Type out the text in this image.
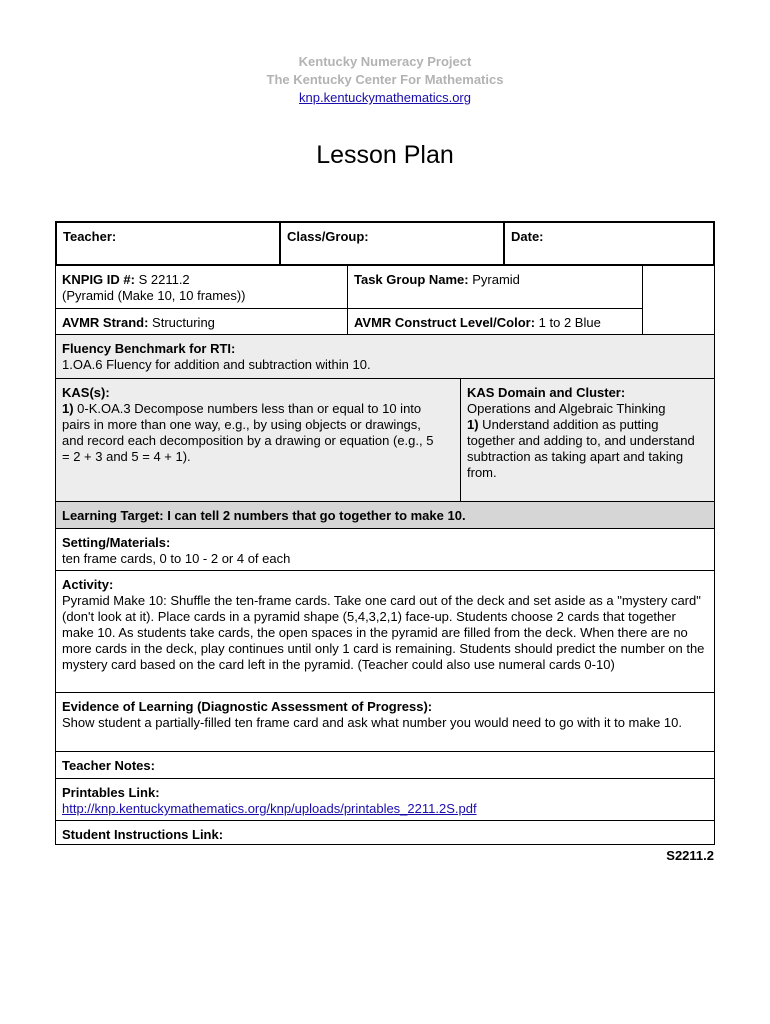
Kentucky Numeracy Project
The Kentucky Center For Mathematics
knp.kentuckymathematics.org
Lesson Plan
Teacher:	Class/Group:	Date:
KNPIG ID #: S 2211.2
(Pyramid (Make 10, 10 frames))
Task Group Name: Pyramid
AVMR Strand: Structuring	AVMR Construct Level/Color: 1 to 2 Blue
Fluency Benchmark for RTI:
1.OA.6 Fluency for addition and subtraction within 10.
KAS(s):
1) 0-K.OA.3 Decompose numbers less than or equal to 10 into pairs in more than one way, e.g., by using objects or drawings, and record each decomposition by a drawing or equation (e.g., 5 = 2 + 3 and 5 = 4 + 1).
KAS Domain and Cluster:
Operations and Algebraic Thinking
1) Understand addition as putting together and adding to, and understand subtraction as taking apart and taking from.
Learning Target: I can tell 2 numbers that go together to make 10.
Setting/Materials:
ten frame cards, 0 to 10 - 2 or 4 of each
Activity:
Pyramid Make 10: Shuffle the ten-frame cards. Take one card out of the deck and set aside as a "mystery card" (don't look at it). Place cards in a pyramid shape (5,4,3,2,1) face-up. Students choose 2 cards that together make 10. As students take cards, the open spaces in the pyramid are filled from the deck. When there are no more cards in the deck, play continues until only 1 card is remaining. Students should predict the number on the mystery card based on the card left in the pyramid. (Teacher could also use numeral cards 0-10)
Evidence of Learning (Diagnostic Assessment of Progress):
Show student a partially-filled ten frame card and ask what number you would need to go with it to make 10.
Teacher Notes:
Printables Link:
http://knp.kentuckymathematics.org/knp/uploads/printables_2211.2S.pdf
Student Instructions Link:
S2211.2
